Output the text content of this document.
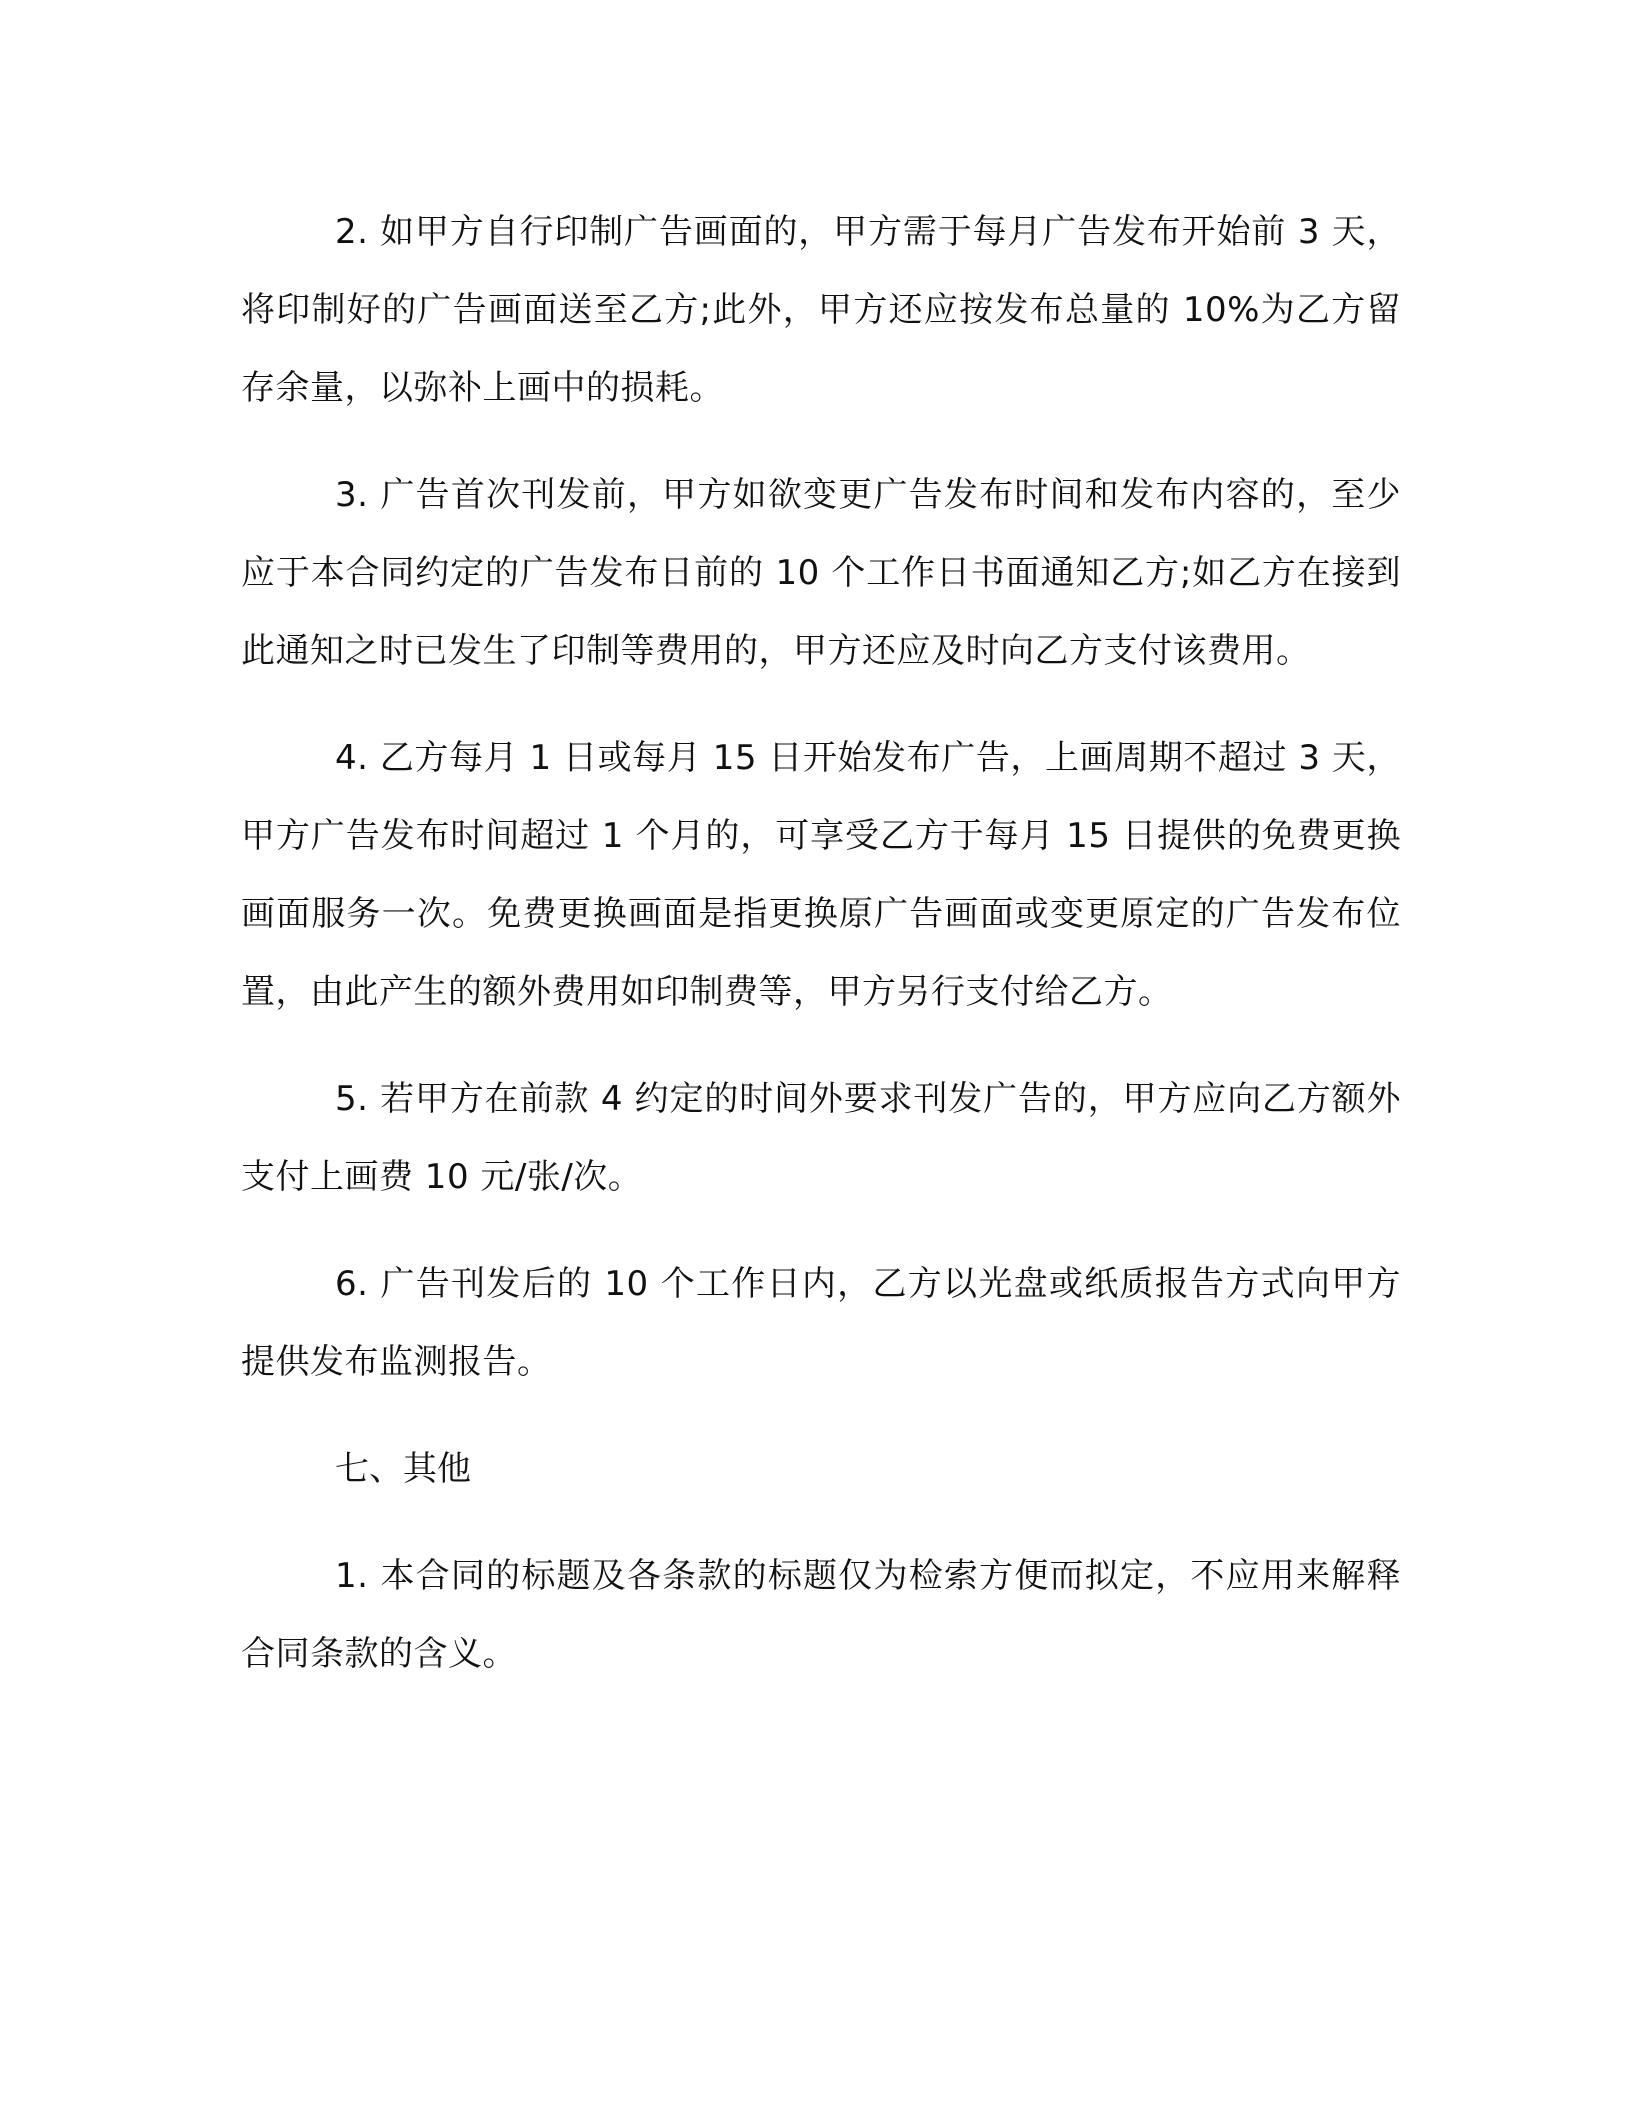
2. 如甲方自行印制广告画面的，甲方需于每月广告发布开始前 3 天，将印制好的广告画面送至乙方;此外，甲方还应按发布总量的 10%为乙方留存余量，以弥补上画中的损耗。

3. 广告首次刊发前，甲方如欲变更广告发布时间和发布内容的，至少应于本合同约定的广告发布日前的 10 个工作日书面通知乙方;如乙方在接到此通知之时已发生了印制等费用的，甲方还应及时向乙方支付该费用。

4. 乙方每月 1 日或每月 15 日开始发布广告，上画周期不超过 3 天，甲方广告发布时间超过 1 个月的，可享受乙方于每月 15 日提供的免费更换画面服务一次。免费更换画面是指更换原广告画面或变更原定的广告发布位置，由此产生的额外费用如印制费等，甲方另行支付给乙方。

5. 若甲方在前款 4 约定的时间外要求刊发广告的，甲方应向乙方额外支付上画费 10 元/张/次。

6. 广告刊发后的 10 个工作日内，乙方以光盘或纸质报告方式向甲方提供发布监测报告。

七、其他

1. 本合同的标题及各条款的标题仅为检索方便而拟定，不应用来解释合同条款的含义。
